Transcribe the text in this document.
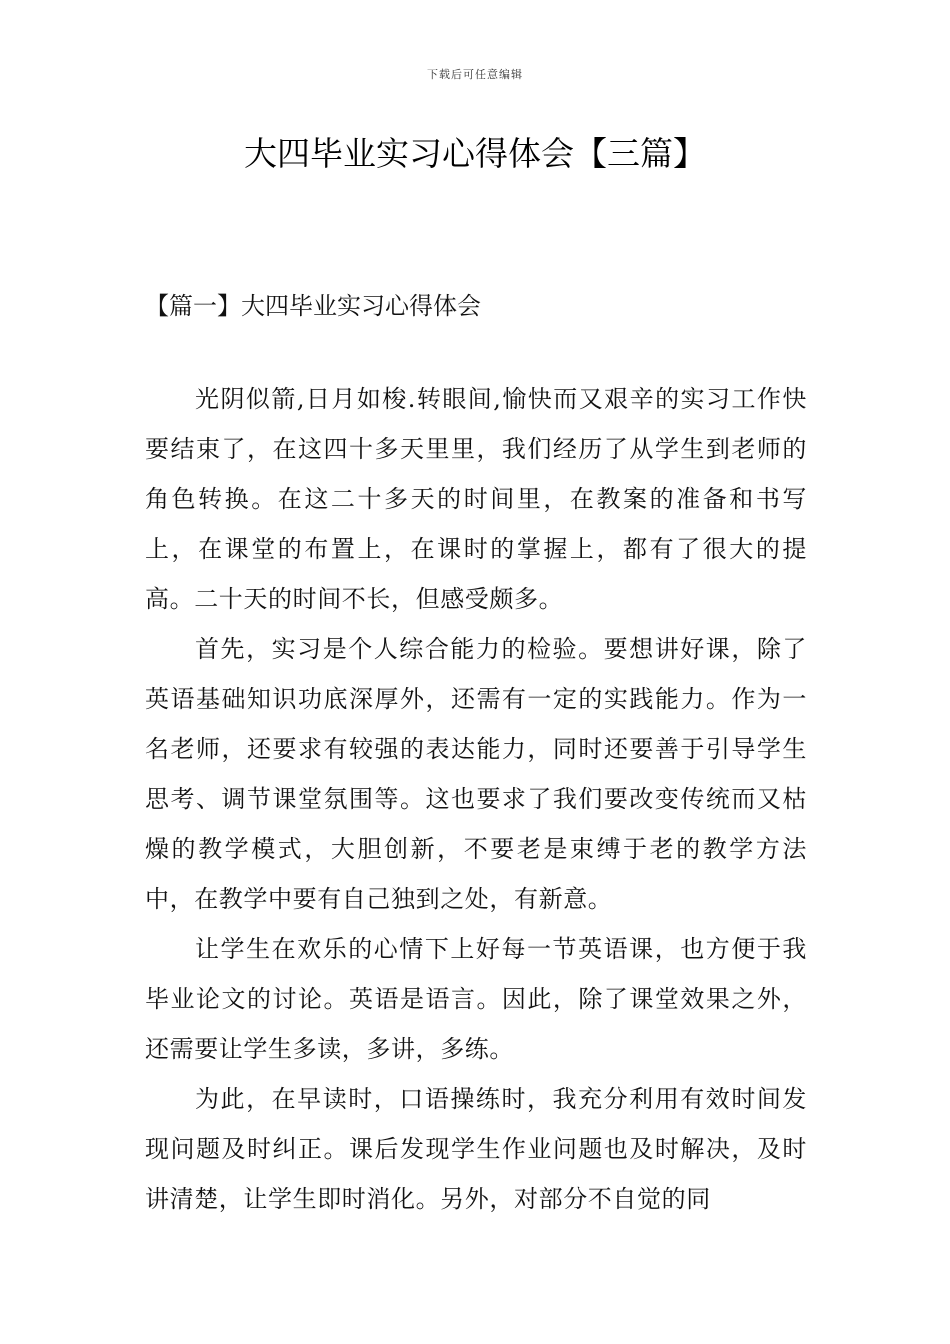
下载后可任意编辑
大四毕业实习心得体会【三篇】
【篇一】大四毕业实习心得体会

光阴似箭,日月如梭.转眼间,愉快而又艰辛的实习工作快要结束了，在这四十多天里里，我们经历了从学生到老师的角色转换。在这二十多天的时间里，在教案的准备和书写上，在课堂的布置上，在课时的掌握上，都有了很大的提高。二十天的时间不长，但感受颇多。

首先，实习是个人综合能力的检验。要想讲好课，除了英语基础知识功底深厚外，还需有一定的实践能力。作为一名老师，还要求有较强的表达能力，同时还要善于引导学生思考、调节课堂氛围等。这也要求了我们要改变传统而又枯燥的教学模式，大胆创新，不要老是束缚于老的教学方法中，在教学中要有自己独到之处，有新意。

让学生在欢乐的心情下上好每一节英语课，也方便于我毕业论文的讨论。英语是语言。因此，除了课堂效果之外，还需要让学生多读，多讲，多练。

为此，在早读时，口语操练时，我充分利用有效时间发现问题及时纠正。课后发现学生作业问题也及时解决，及时讲清楚，让学生即时消化。另外，对部分不自觉的同
